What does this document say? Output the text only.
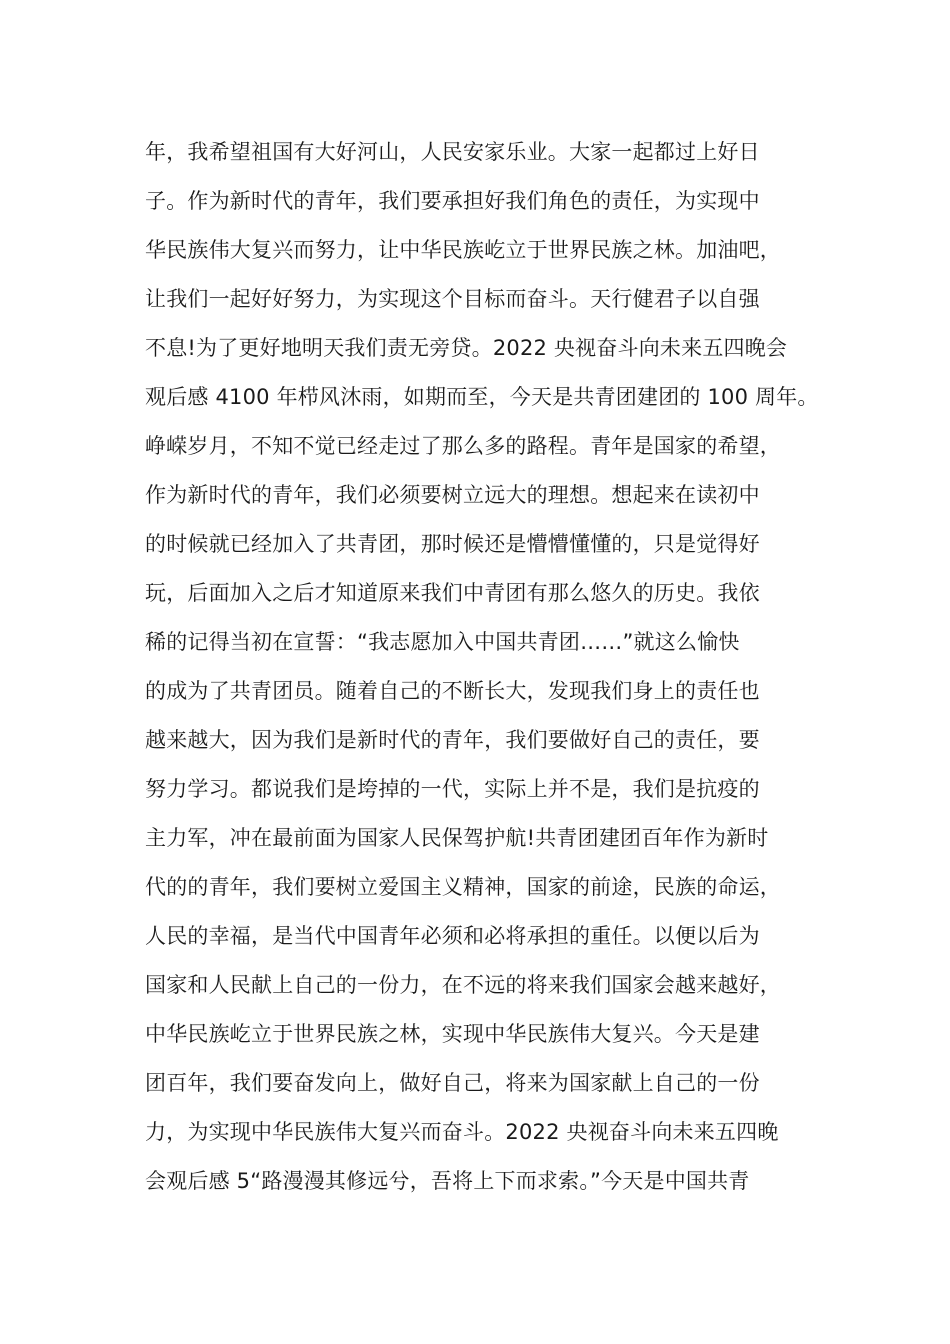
年，我希望祖国有大好河山，人民安家乐业。大家一起都过上好日
子。作为新时代的青年，我们要承担好我们角色的责任，为实现中
华民族伟大复兴而努力，让中华民族屹立于世界民族之林。加油吧，
让我们一起好好努力，为实现这个目标而奋斗。天行健君子以自强
不息!为了更好地明天我们责无旁贷。2022 央视奋斗向未来五四晚会
观后感 4100 年栉风沐雨，如期而至，今天是共青团建团的 100 周年。
峥嵘岁月，不知不觉已经走过了那么多的路程。青年是国家的希望，
作为新时代的青年，我们必须要树立远大的理想。想起来在读初中
的时候就已经加入了共青团，那时候还是懵懵懂懂的，只是觉得好
玩，后面加入之后才知道原来我们中青团有那么悠久的历史。我依
稀的记得当初在宣誓：“我志愿加入中国共青团……”就这么愉快
的成为了共青团员。随着自己的不断长大，发现我们身上的责任也
越来越大，因为我们是新时代的青年，我们要做好自己的责任，要
努力学习。都说我们是垮掉的一代，实际上并不是，我们是抗疫的
主力军，冲在最前面为国家人民保驾护航!共青团建团百年作为新时
代的的青年，我们要树立爱国主义精神，国家的前途，民族的命运，
人民的幸福，是当代中国青年必须和必将承担的重任。以便以后为
国家和人民献上自己的一份力，在不远的将来我们国家会越来越好，
中华民族屹立于世界民族之林，实现中华民族伟大复兴。今天是建
团百年，我们要奋发向上，做好自己，将来为国家献上自己的一份
力，为实现中华民族伟大复兴而奋斗。2022 央视奋斗向未来五四晚
会观后感 5“路漫漫其修远兮，吾将上下而求索。”今天是中国共青
